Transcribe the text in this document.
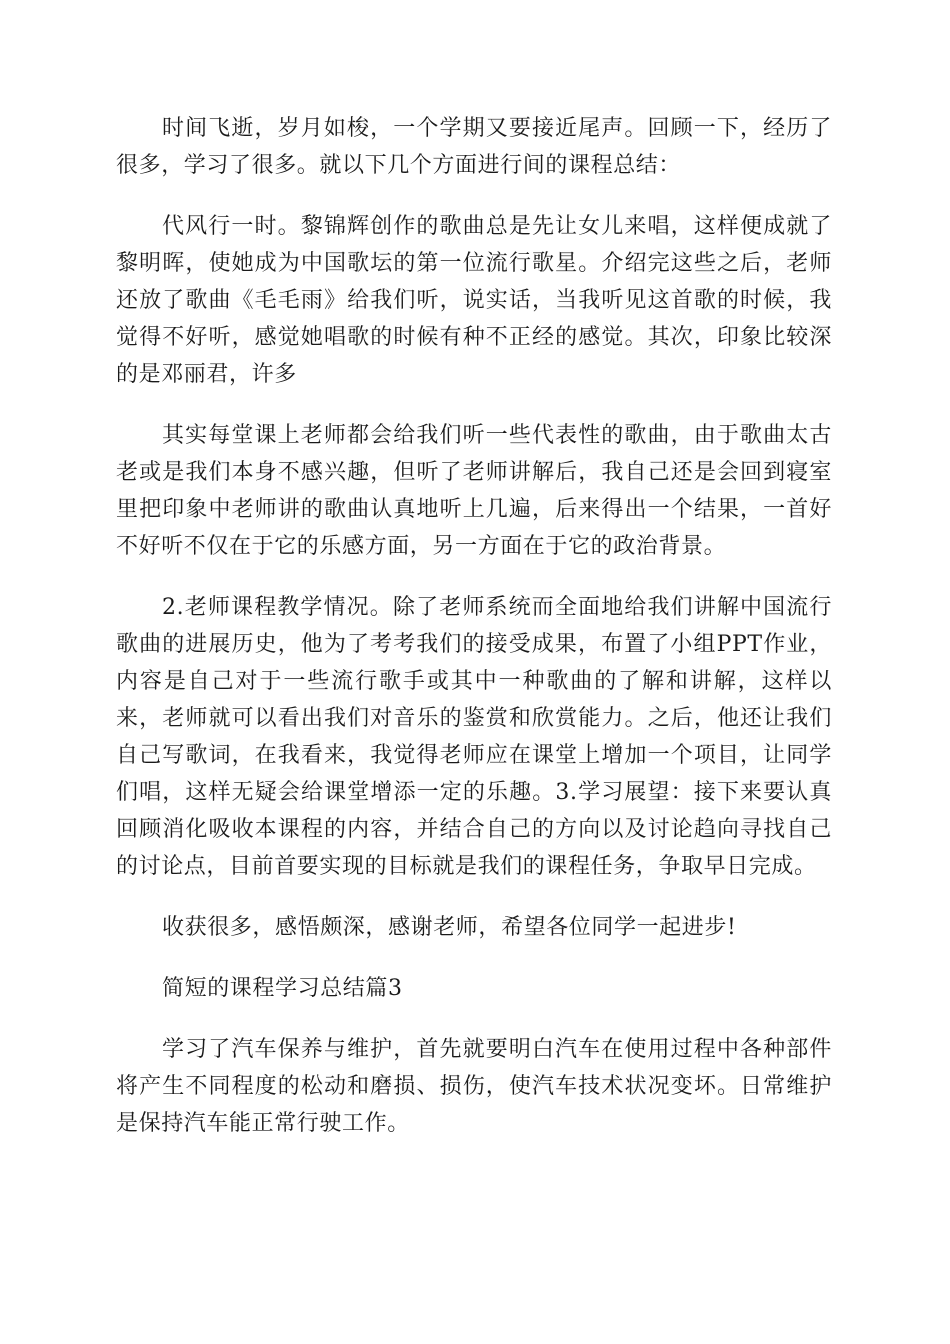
时间飞逝，岁月如梭，一个学期又要接近尾声。回顾一下，经历了很多，学习了很多。就以下几个方面进行间的课程总结：

代风行一时。黎锦辉创作的歌曲总是先让女儿来唱，这样便成就了黎明晖，使她成为中国歌坛的第一位流行歌星。介绍完这些之后，老师还放了歌曲《毛毛雨》给我们听，说实话，当我听见这首歌的时候，我觉得不好听，感觉她唱歌的时候有种不正经的感觉。其次，印象比较深的是邓丽君，许多

其实每堂课上老师都会给我们听一些代表性的歌曲，由于歌曲太古老或是我们本身不感兴趣，但听了老师讲解后，我自己还是会回到寝室里把印象中老师讲的歌曲认真地听上几遍，后来得出一个结果，一首好不好听不仅在于它的乐感方面，另一方面在于它的政治背景。

2.老师课程教学情况。除了老师系统而全面地给我们讲解中国流行歌曲的进展历史，他为了考考我们的接受成果，布置了小组PPT作业，内容是自己对于一些流行歌手或其中一种歌曲的了解和讲解，这样以来，老师就可以看出我们对音乐的鉴赏和欣赏能力。之后，他还让我们自己写歌词，在我看来，我觉得老师应在课堂上增加一个项目，让同学们唱，这样无疑会给课堂增添一定的乐趣。3.学习展望：接下来要认真回顾消化吸收本课程的内容，并结合自己的方向以及讨论趋向寻找自己的讨论点，目前首要实现的目标就是我们的课程任务，争取早日完成。

收获很多，感悟颇深，感谢老师，希望各位同学一起进步!

简短的课程学习总结篇3

学习了汽车保养与维护，首先就要明白汽车在使用过程中各种部件将产生不同程度的松动和磨损、损伤，使汽车技术状况变坏。日常维护是保持汽车能正常行驶工作。
